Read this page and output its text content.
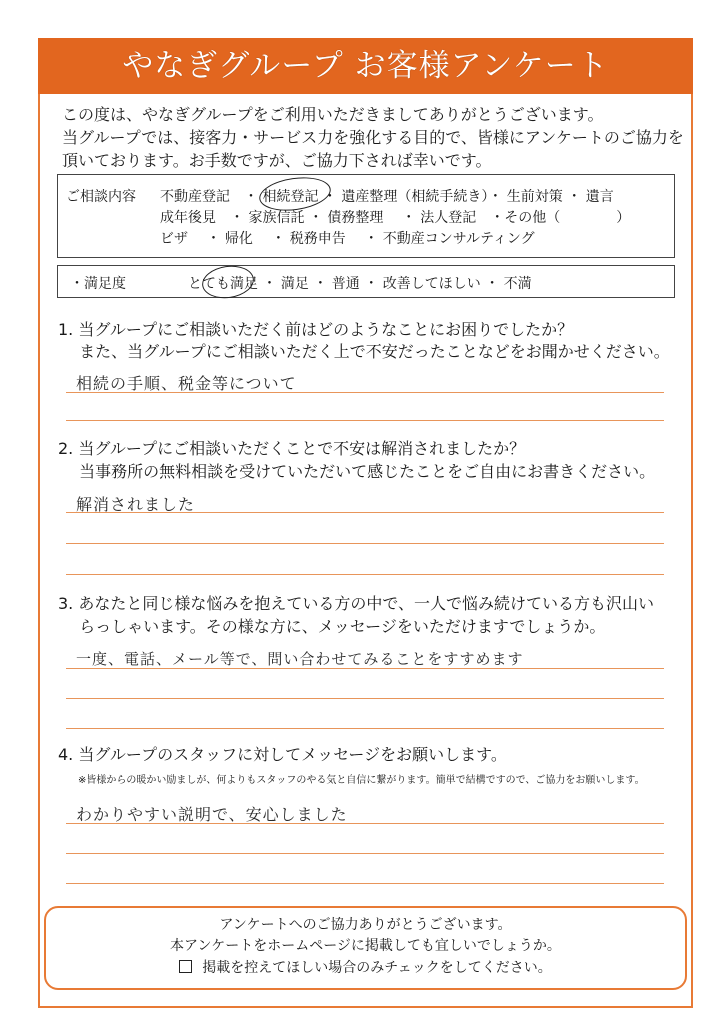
やなぎグループ お客様アンケート
この度は、やなぎグループをご利用いただきましてありがとうございます。
当グループでは、接客力・サービス力を強化する目的で、皆様にアンケートのご協力を
頂いております。お手数ですが、ご協力下されば幸いです。
ご相談内容 不動産登記　・ 相続登記 ・ 遺産整理（相続手続き）・ 生前対策 ・ 遺言
成年後見　・ 家族信託 ・ 債務整理　 ・ 法人登記　・その他（　　　　）
ビザ　 ・ 帰化　 ・ 税務申告　 ・ 不動産コンサルティング
・満足度	とても満足 ・ 満足 ・ 普通 ・ 改善してほしい ・ 不満
1. 当グループにご相談いただく前はどのようなことにお困りでしたか？
　 また、当グループにご相談いただく上で不安だったことなどをお聞かせください。
相続の手順、税金等について
2. 当グループにご相談いただくことで不安は解消されましたか？
　 当事務所の無料相談を受けていただいて感じたことをご自由にお書きください。
解消されました
3. あなたと同じ様な悩みを抱えている方の中で、一人で悩み続けている方も沢山い
　 らっしゃいます。その様な方に、メッセージをいただけますでしょうか。
一度、電話、メール等で、問い合わせてみることをすすめます
4. 当グループのスタッフに対してメッセージをお願いします。
※皆様からの暖かい励ましが、何よりもスタッフのやる気と自信に繋がります。簡単で結構ですので、ご協力をお願いします。
わかりやすい説明で、安心しました
アンケートへのご協力ありがとうございます。
本アンケートをホームページに掲載しても宜しいでしょうか。
掲載を控えてほしい場合のみチェックをしてください。
